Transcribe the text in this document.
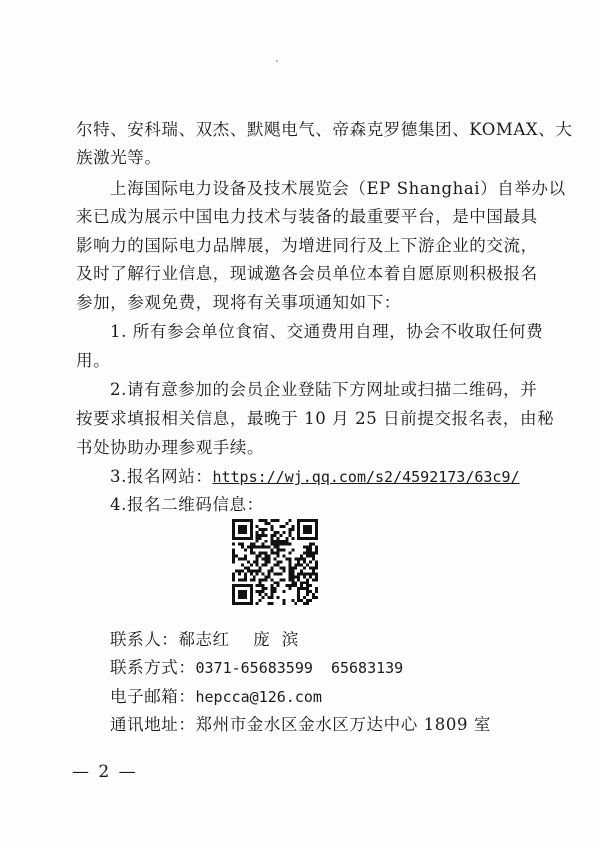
尔特、安科瑞、双杰、默飓电气、帝森克罗德集团、KOMAX、大
族激光等。
上海国际电力设备及技术展览会（EP Shanghai）自举办以
来已成为展示中国电力技术与装备的最重要平台，是中国最具
影响力的国际电力品牌展，为增进同行及上下游企业的交流，
及时了解行业信息，现诚邀各会员单位本着自愿原则积极报名
参加，参观免费，现将有关事项通知如下：
1. 所有参会单位食宿、交通费用自理，协会不收取任何费
用。
2.请有意参加的会员企业登陆下方网址或扫描二维码，并
按要求填报相关信息，最晚于 10 月 25 日前提交报名表，由秘
书处协助办理参观手续。
3.报名网站：https://wj.qq.com/s2/4592173/63c9/
4.报名二维码信息：
联系人：郗志红    庞  滨
联系方式：0371-65683599  65683139
电子邮箱：hepcca@126.com
通讯地址：郑州市金水区金水区万达中心 1809 室
— 2 —
